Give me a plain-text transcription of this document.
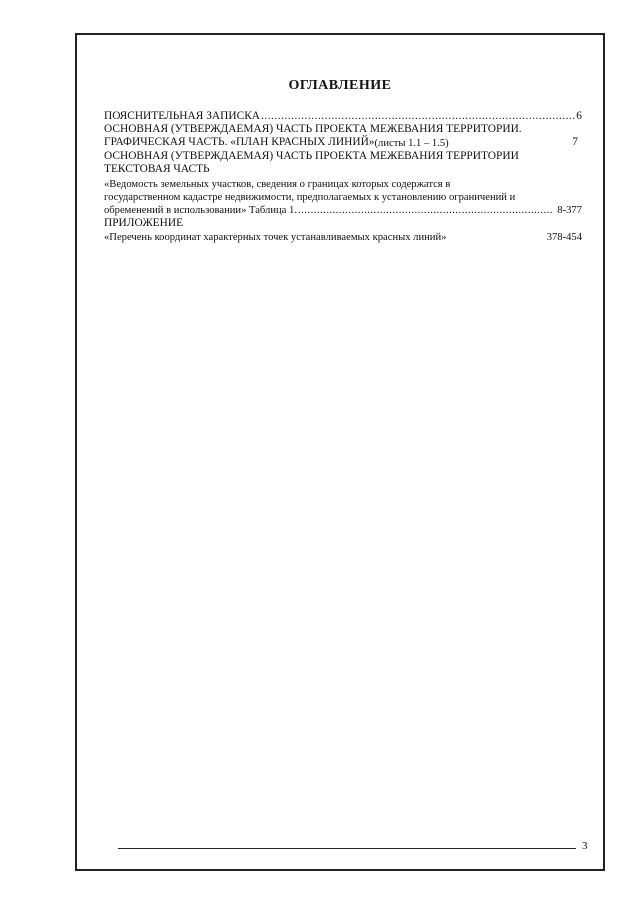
ОГЛАВЛЕНИЕ
ПОЯСНИТЕЛЬНАЯ ЗАПИСКА .....	6
ОСНОВНАЯ (УТВЕРЖДАЕМАЯ) ЧАСТЬ ПРОЕКТА МЕЖЕВАНИЯ ТЕРРИТОРИИ.
ГРАФИЧЕСКАЯ ЧАСТЬ. «ПЛАН КРАСНЫХ ЛИНИЙ» (листы 1.1 – 1.5)	7
ОСНОВНАЯ (УТВЕРЖДАЕМАЯ) ЧАСТЬ ПРОЕКТА МЕЖЕВАНИЯ ТЕРРИТОРИИ
ТЕКСТОВАЯ ЧАСТЬ
«Ведомость земельных участков, сведения о границах которых содержатся в
государственном кадастре недвижимости, предполагаемых к установлению ограничений и
обременений в использовании» Таблица 1. .....	8-377
ПРИЛОЖЕНИЕ
«Перечень координат характерных точек устанавливаемых красных линий»	378-454
3
